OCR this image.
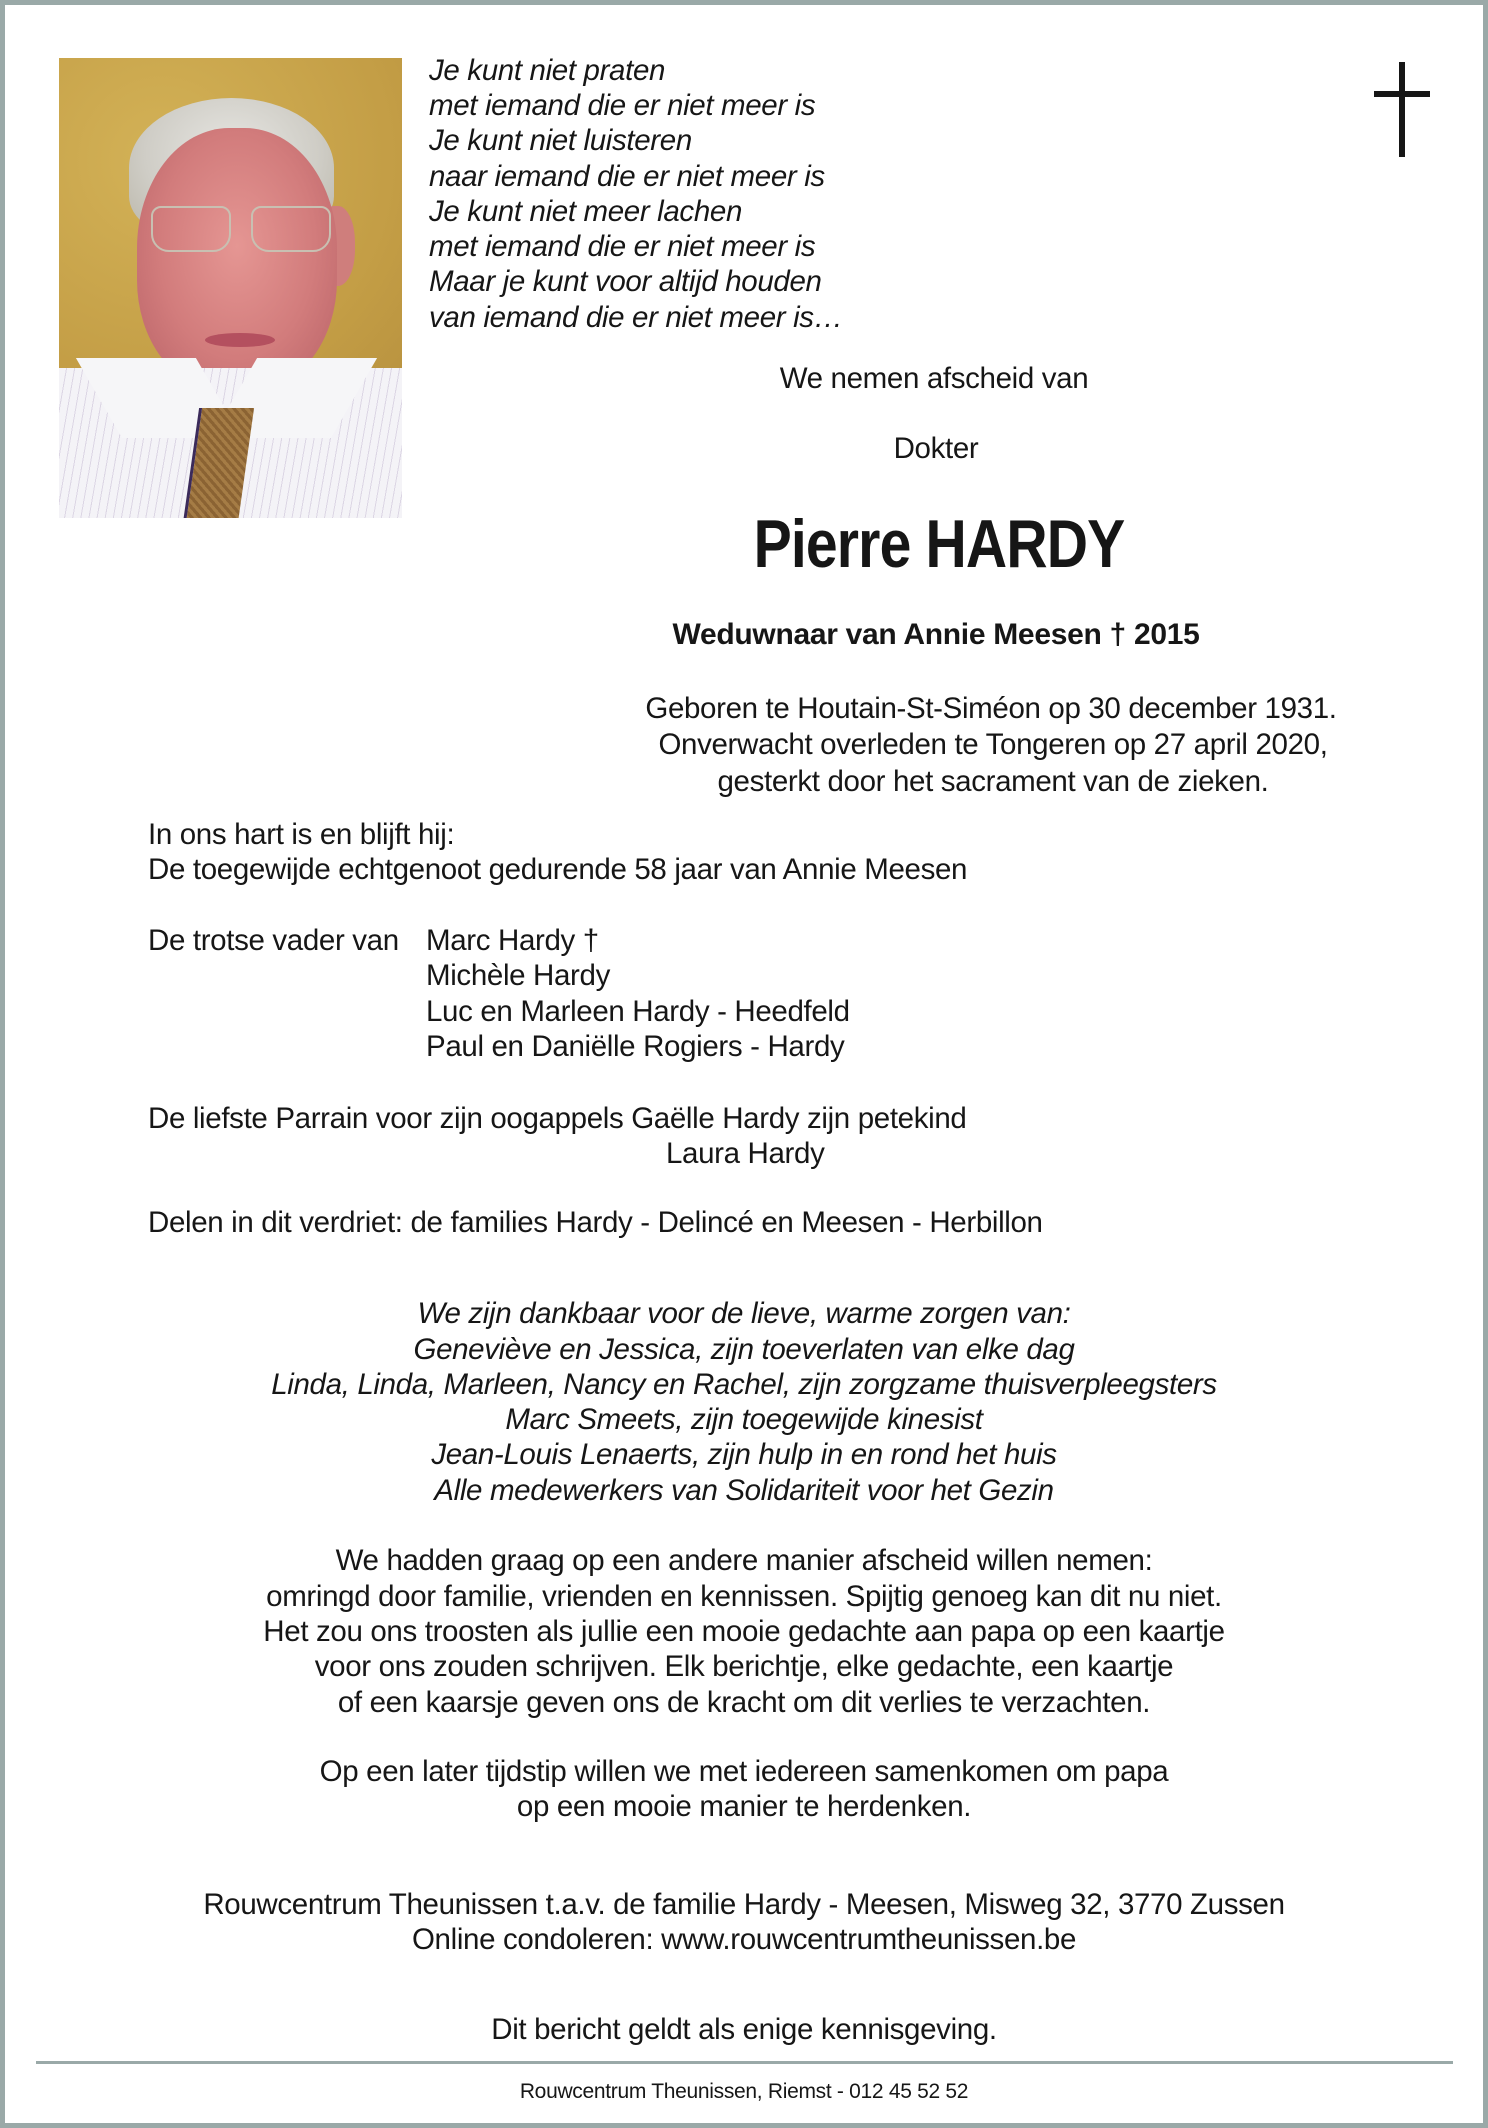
Je kunt niet praten
met iemand die er niet meer is
Je kunt niet luisteren
naar iemand die er niet meer is
Je kunt niet meer lachen
met iemand die er niet meer is
Maar je kunt voor altijd houden
van iemand die er niet meer is…
We nemen afscheid van
Dokter
Pierre HARDY
Weduwnaar van Annie Meesen † 2015
Geboren te Houtain-St-Siméon op 30 december 1931.
Onverwacht overleden te Tongeren op 27 april 2020,
gesterkt door het sacrament van de zieken.
In ons hart is en blijft hij:
De toegewijde echtgenoot gedurende 58 jaar van Annie Meesen
De trotse vader van Marc Hardy †
Michèle Hardy
Luc en Marleen Hardy - Heedfeld
Paul en Daniëlle Rogiers - Hardy
De liefste Parrain voor zijn oogappels Gaëlle Hardy zijn petekind
Laura Hardy
Delen in dit verdriet: de families Hardy - Delincé en Meesen - Herbillon
We zijn dankbaar voor de lieve, warme zorgen van:
Geneviève en Jessica, zijn toeverlaten van elke dag
Linda, Linda, Marleen, Nancy en Rachel, zijn zorgzame thuisverpleegsters
Marc Smeets, zijn toegewijde kinesist
Jean-Louis Lenaerts, zijn hulp in en rond het huis
Alle medewerkers van Solidariteit voor het Gezin
We hadden graag op een andere manier afscheid willen nemen:
omringd door familie, vrienden en kennissen. Spijtig genoeg kan dit nu niet.
Het zou ons troosten als jullie een mooie gedachte aan papa op een kaartje
voor ons zouden schrijven. Elk berichtje, elke gedachte, een kaartje
of een kaarsje geven ons de kracht om dit verlies te verzachten.
Op een later tijdstip willen we met iedereen samenkomen om papa
op een mooie manier te herdenken.
Rouwcentrum Theunissen t.a.v. de familie Hardy - Meesen, Misweg 32, 3770 Zussen
Online condoleren: www.rouwcentrumtheunissen.be
Dit bericht geldt als enige kennisgeving.
Rouwcentrum Theunissen, Riemst - 012 45 52 52
